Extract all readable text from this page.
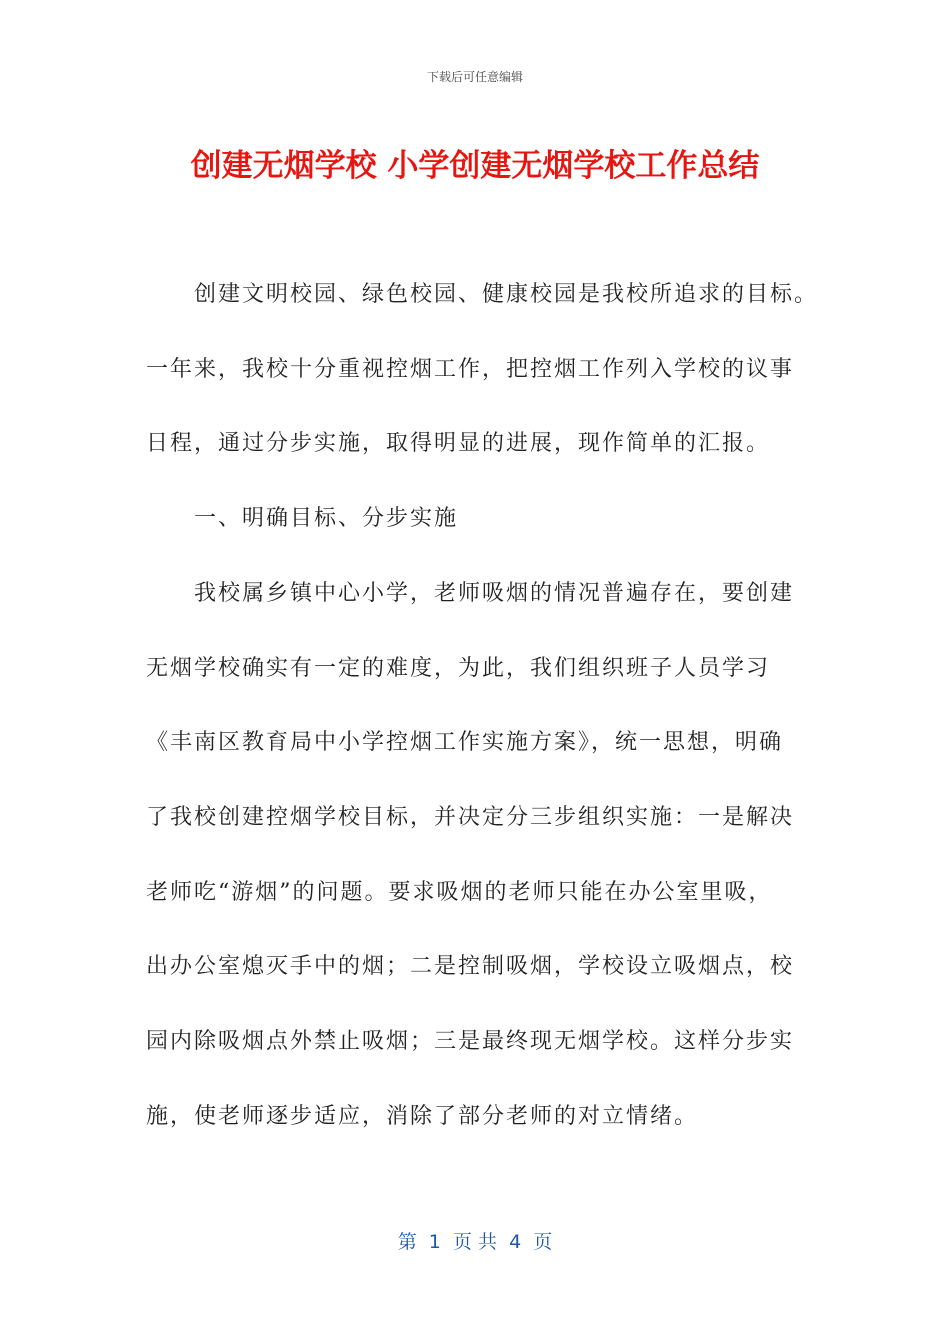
下载后可任意编辑
创建无烟学校 小学创建无烟学校工作总结

创建文明校园、绿色校园、健康校园是我校所追求的目标。

一年来，我校十分重视控烟工作，把控烟工作列入学校的议事

日程，通过分步实施，取得明显的进展，现作简单的汇报。

一、明确目标、分步实施

我校属乡镇中心小学，老师吸烟的情况普遍存在，要创建

无烟学校确实有一定的难度，为此，我们组织班子人员学习

《丰南区教育局中小学控烟工作实施方案》，统一思想，明确

了我校创建控烟学校目标，并决定分三步组织实施：一是解决

老师吃“游烟”的问题。要求吸烟的老师只能在办公室里吸，

出办公室熄灭手中的烟；二是控制吸烟，学校设立吸烟点，校

园内除吸烟点外禁止吸烟；三是最终现无烟学校。这样分步实

施，使老师逐步适应，消除了部分老师的对立情绪。

第  1  页 共  4  页
